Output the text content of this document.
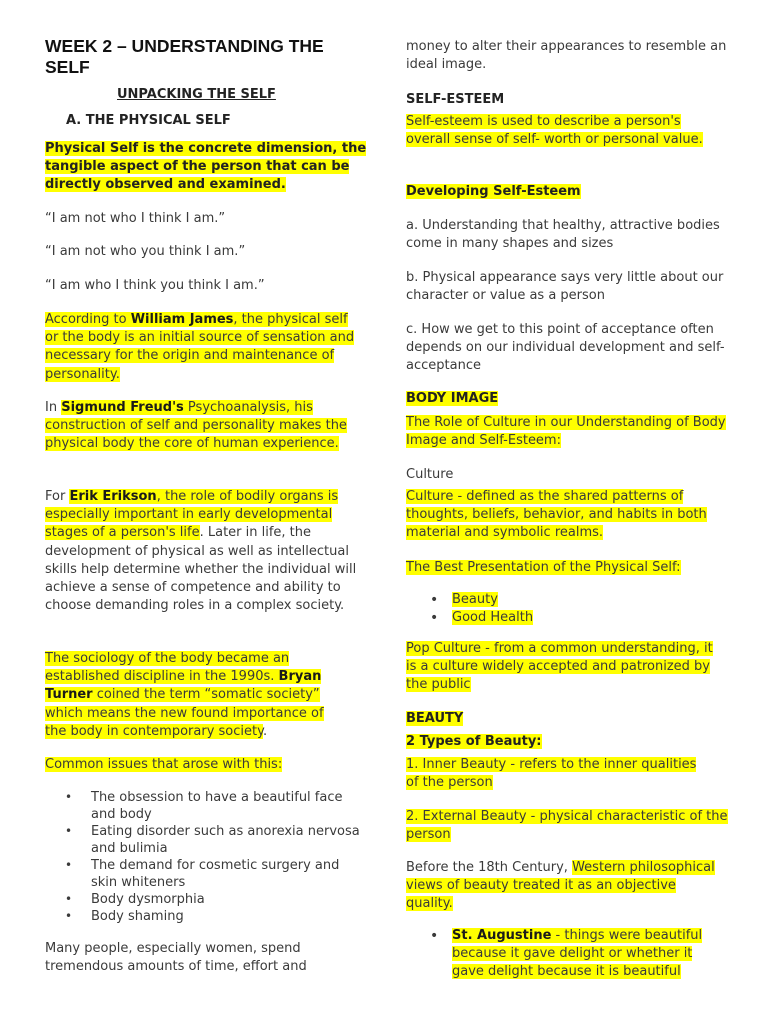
WEEK 2 – UNDERSTANDING THE SELF
UNPACKING THE SELF
A. THE PHYSICAL SELF
Physical Self is the concrete dimension, the tangible aspect of the person that can be directly observed and examined.
“I am not who I think I am.”
“I am not who you think I am.”
“I am who I think you think I am.”
According to William James, the physical self or the body is an initial source of sensation and necessary for the origin and maintenance of personality.
In Sigmund Freud's Psychoanalysis, his construction of self and personality makes the physical body the core of human experience.
For Erik Erikson, the role of bodily organs is especially important in early developmental stages of a person's life. Later in life, the development of physical as well as intellectual skills help determine whether the individual will achieve a sense of competence and ability to choose demanding roles in a complex society.
The sociology of the body became an established discipline in the 1990s. Bryan Turner coined the term “somatic society” which means the new found importance of the body in contemporary society.
Common issues that arose with this:
• The obsession to have a beautiful face and body
• Eating disorder such as anorexia nervosa and bulimia
• The demand for cosmetic surgery and skin whiteners
• Body dysmorphia
• Body shaming
Many people, especially women, spend tremendous amounts of time, effort and
money to alter their appearances to resemble an ideal image.
SELF-ESTEEM
Self-esteem is used to describe a person's overall sense of self- worth or personal value.
Developing Self-Esteem
a. Understanding that healthy, attractive bodies come in many shapes and sizes
b. Physical appearance says very little about our character or value as a person
c. How we get to this point of acceptance often depends on our individual development and self-acceptance
BODY IMAGE
The Role of Culture in our Understanding of Body Image and Self-Esteem:
Culture
Culture - defined as the shared patterns of thoughts, beliefs, behavior, and habits in both material and symbolic realms.
The Best Presentation of the Physical Self:
• Beauty
• Good Health
Pop Culture - from a common understanding, it is a culture widely accepted and patronized by the public
BEAUTY
2 Types of Beauty:
1. Inner Beauty - refers to the inner qualities of the person
2. External Beauty - physical characteristic of the person
Before the 18th Century, Western philosophical views of beauty treated it as an objective quality.
• St. Augustine - things were beautiful because it gave delight or whether it gave delight because it is beautiful
